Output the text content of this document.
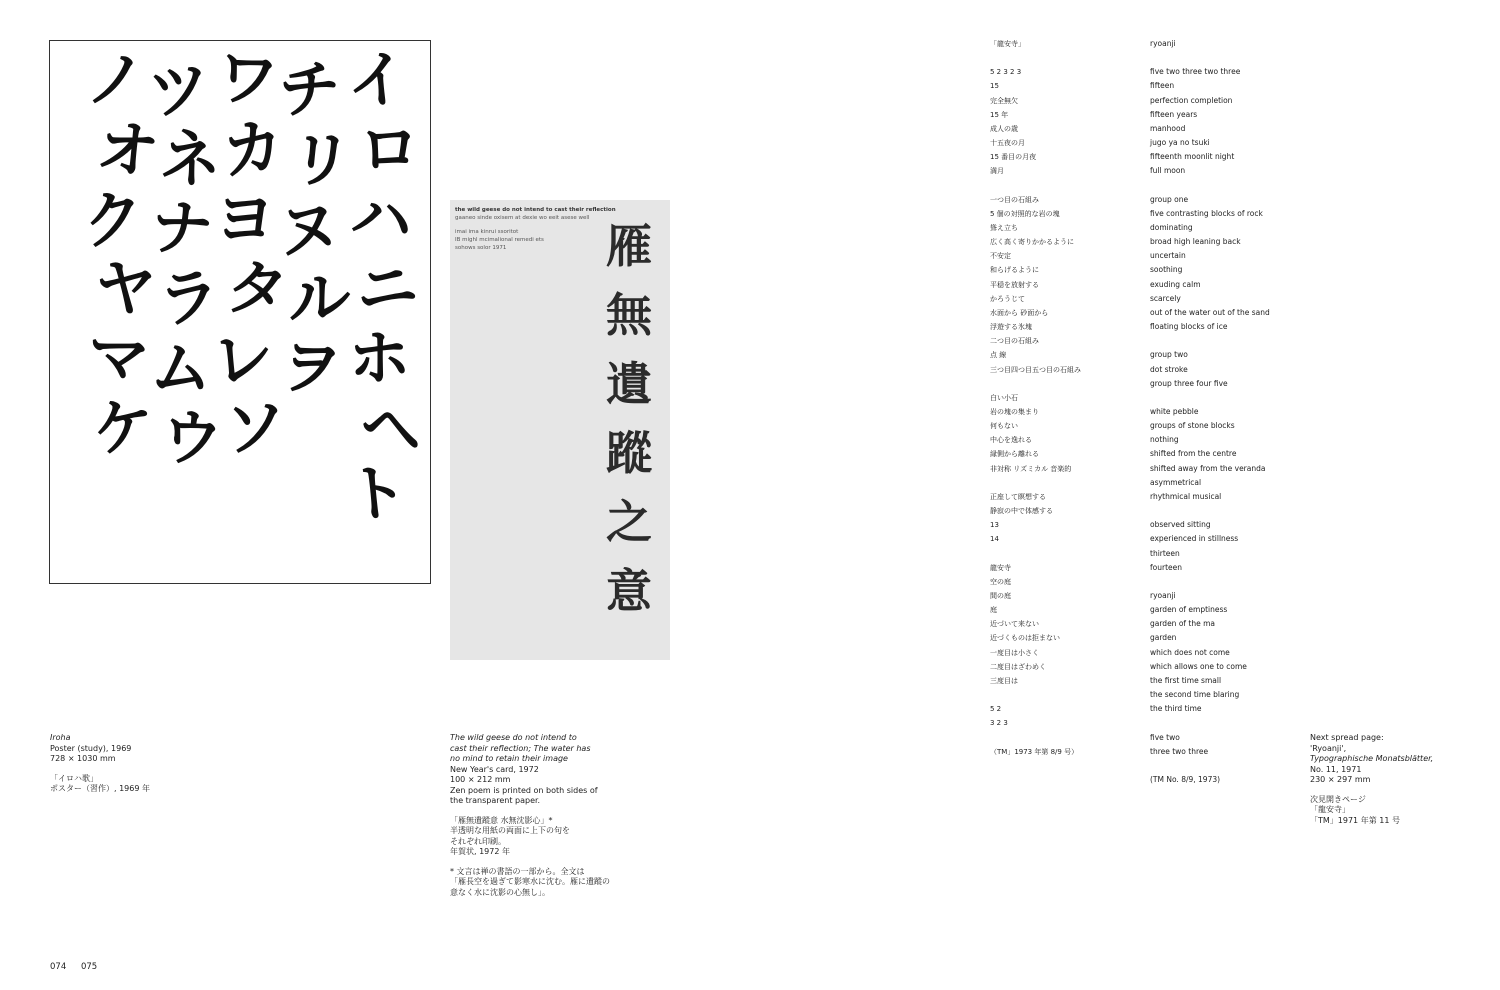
イ
ロ
ハ
ニ
ホ
ヘ
ト
チ
リ
ヌ
ル
ヲ
ワ
カ
ヨ
タ
レ
ソ
ツ
ネ
ナ
ラ
ム
ウ
ノ
オ
ク
ヤ
マ
ケ
the wild geese do not intend to cast their reflection
gaaneo sinde oxisem at dexie wo eeit asese well
imai ima kinrui ssoritot
IB mighl mcimalional remedi ets
sohows solor 1971	雁
無
遺
蹤
之
意
Iroha
Poster (study), 1969
728 × 1030 mm
「イロハ歌」
ポスター（習作）, 1969 年
The wild geese do not intend to
cast their reflection; The water has
no mind to retain their image
New Year's card, 1972
100 × 212 mm
Zen poem is printed on both sides of
the transparent paper.
「雁無遺蹤意 水無沈影心」*
半透明な用紙の両面に上下の句を
それぞれ印刷。
年賀状, 1972 年
* 文言は禅の書語の一部から。全文は
「雁長空を過ぎて影寒水に沈む。雁に遺蹤の
意なく水に沈影の心無し」。
Next spread page:
'Ryoanji',
Typographische Monatsblätter,
No. 11, 1971
230 × 297 mm
次見開きページ
「龍安寺」
「TM」1971 年第 11 号
「龍安寺」
5 2 3 2 3
15
完全無欠
15 年
成人の歳
十五夜の月
15 番目の月夜
満月
一つ目の石組み
5 個の対照的な岩の塊
聳え立ち
広く高く寄りかかるように
不安定
和らげるように
平穏を放射する
かろうじて
水面から 砂面から
浮遊する氷塊
二つ目の石組み
点 線
三つ目四つ目五つ目の石組み
白い小石
岩の塊の集まり
何もない
中心を逸れる
縁側から離れる
非対称 リズミカル 音楽的
正座して瞑想する
静寂の中で体感する
13
14
龍安寺
空の庭
間の庭
庭
近づいて来ない
近づくものは拒まない
一度目は小さく
二度目はざわめく
三度目は
5 2
3 2 3
（TM」1973 年第 8/9 号）
ryoanji
five two three two three
fifteen
perfection completion
fifteen years
manhood
jugo ya no tsuki
fifteenth moonlit night
full moon
group one
five contrasting blocks of rock
dominating
broad high leaning back
uncertain
soothing
exuding calm
scarcely
out of the water out of the sand
floating blocks of ice
group two
dot stroke
group three four five
white pebble
groups of stone blocks
nothing
shifted from the centre
shifted away from the veranda
asymmetrical
rhythmical musical
observed sitting
experienced in stillness
thirteen
fourteen
ryoanji
garden of emptiness
garden of the ma
garden
which does not come
which allows one to come
the first time small
the second time blaring
the third time
five two
three two three
(TM No. 8/9, 1973)
074 075
